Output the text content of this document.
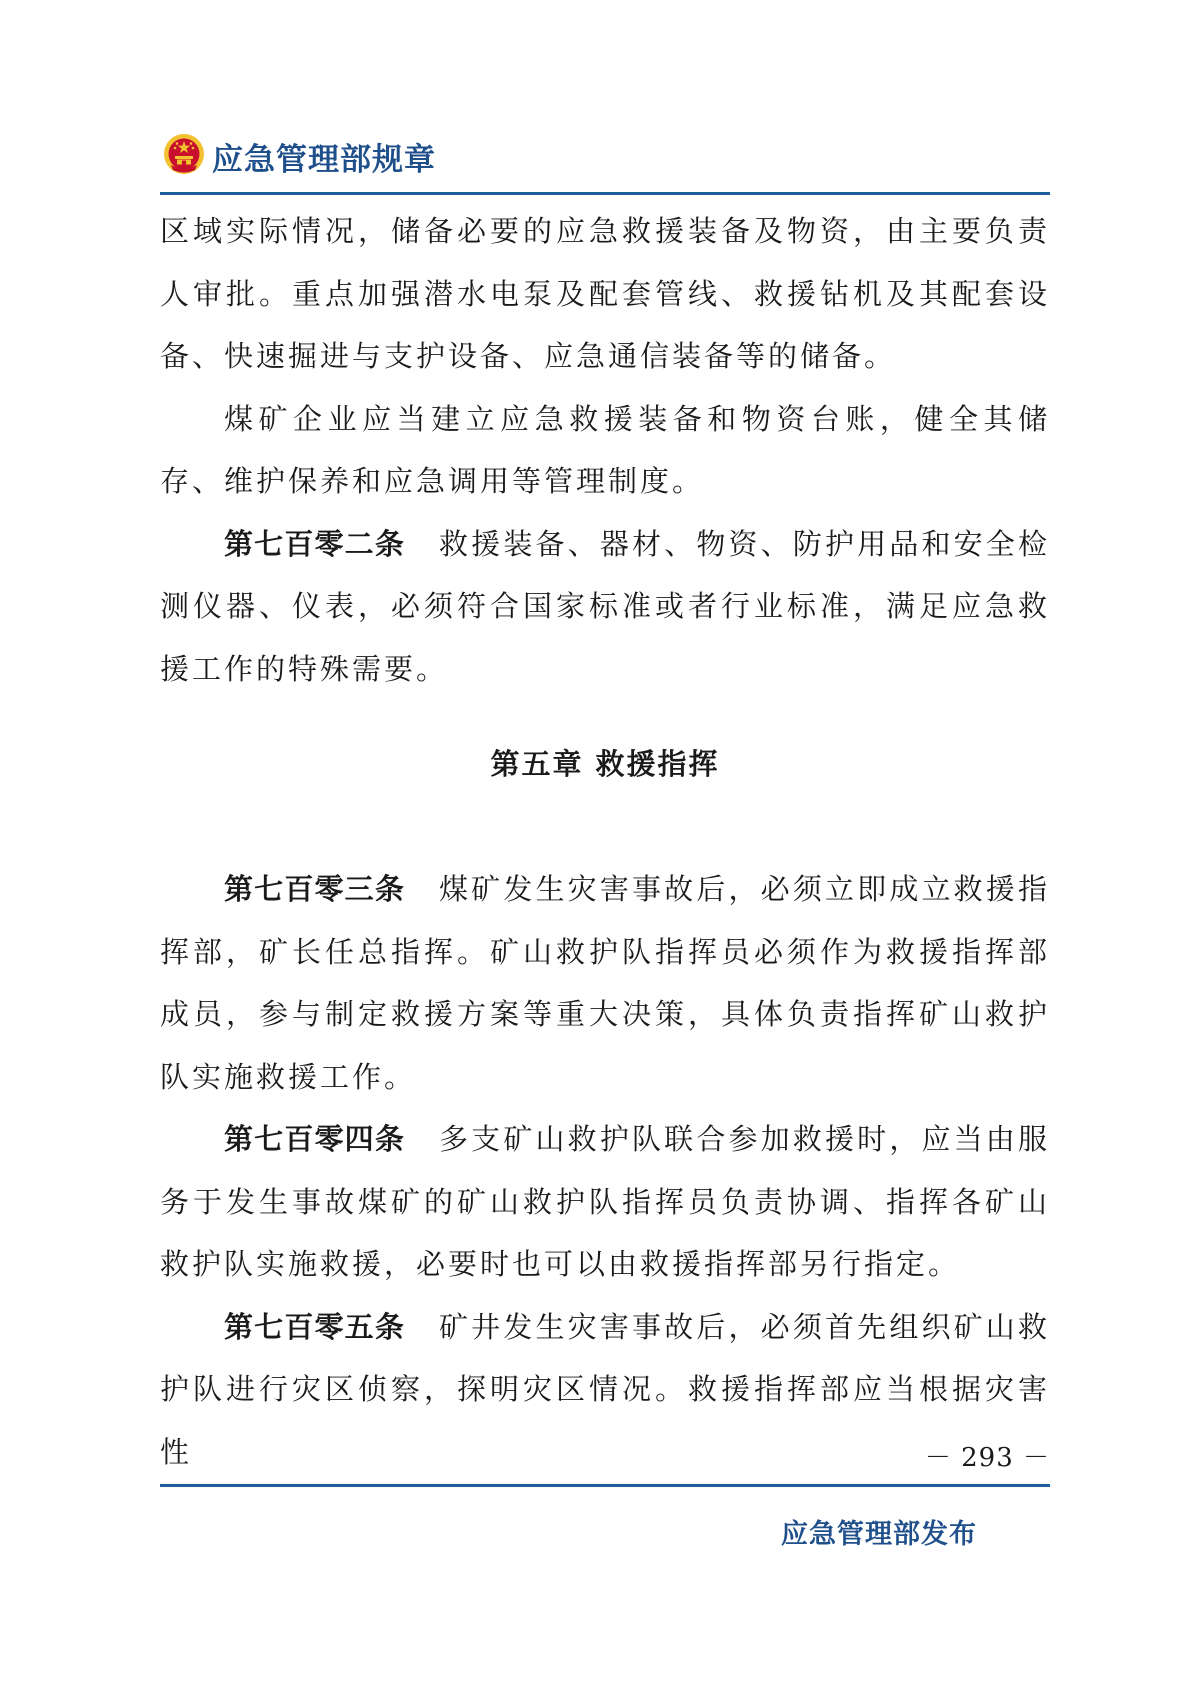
应急管理部规章

区域实际情况，储备必要的应急救援装备及物资，由主要负责人审批。重点加强潜水电泵及配套管线、救援钻机及其配套设备、快速掘进与支护设备、应急通信装备等的储备。

煤矿企业应当建立应急救援装备和物资台账，健全其储存、维护保养和应急调用等管理制度。

第七百零二条 救援装备、器材、物资、防护用品和安全检测仪器、仪表，必须符合国家标准或者行业标准，满足应急救援工作的特殊需要。

第五章 救援指挥

第七百零三条 煤矿发生灾害事故后，必须立即成立救援指挥部，矿长任总指挥。矿山救护队指挥员必须作为救援指挥部成员，参与制定救援方案等重大决策，具体负责指挥矿山救护队实施救援工作。

第七百零四条 多支矿山救护队联合参加救援时，应当由服务于发生事故煤矿的矿山救护队指挥员负责协调、指挥各矿山救护队实施救援，必要时也可以由救援指挥部另行指定。

第七百零五条 矿井发生灾害事故后，必须首先组织矿山救护队进行灾区侦察，探明灾区情况。救援指挥部应当根据灾害性	－ 293 －
应急管理部发布
